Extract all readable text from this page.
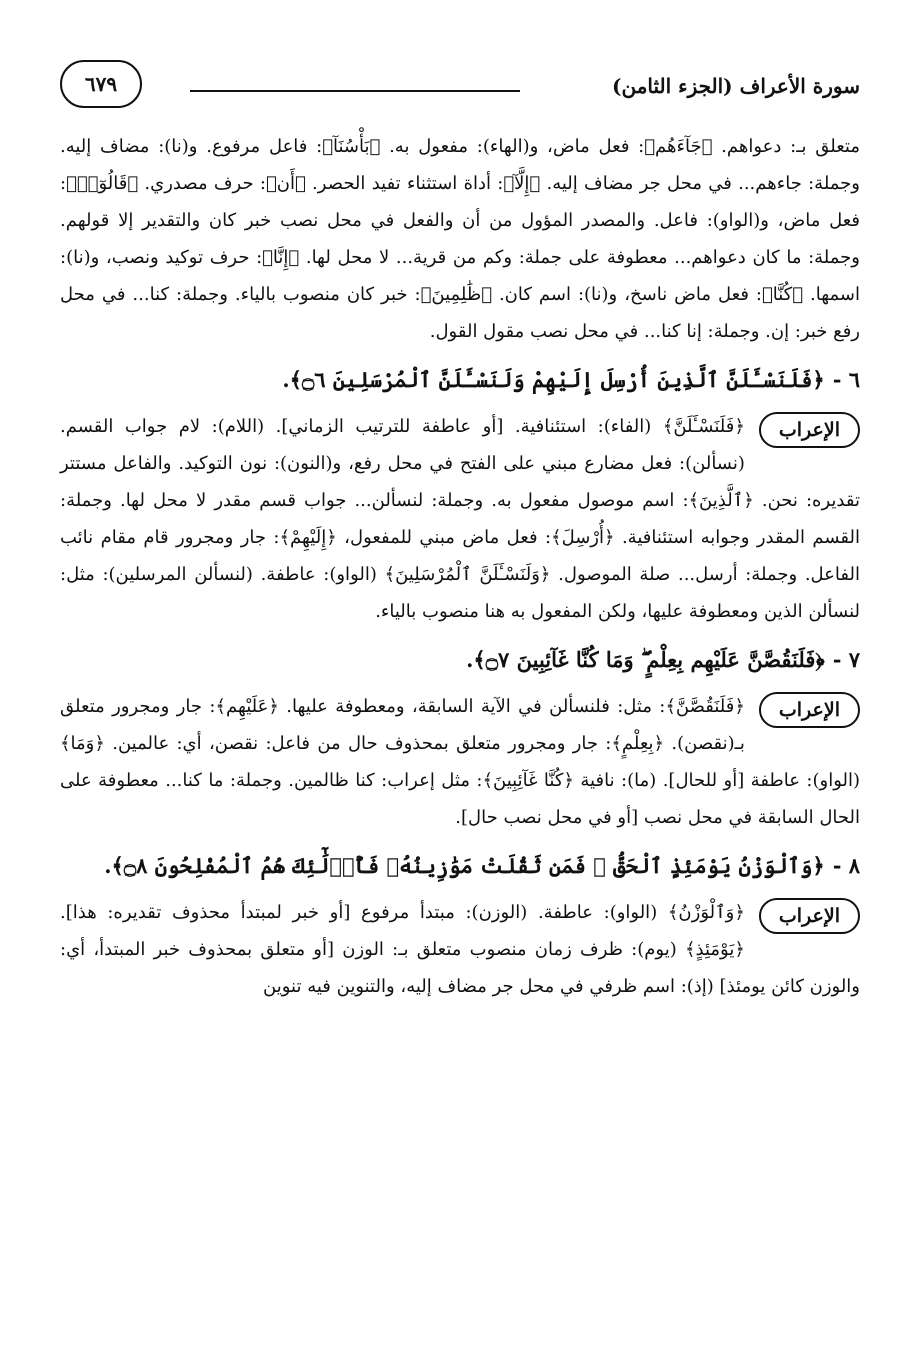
سورة الأعراف (الجزء الثامن)
٦٧٩

متعلق بـ: دعواهم. ﴿جَآءَهُم﴾: فعل ماض، و(الهاء): مفعول به. ﴿بَأْسُنَآ﴾: فاعل مرفوع. و(نا): مضاف إليه. وجملة: جاءهم... في محل جر مضاف إليه. ﴿إِلَّآ﴾: أداة استثناء تفيد الحصر. ﴿أَن﴾: حرف مصدري. ﴿قَالُوٓا۟﴾: فعل ماض، و(الواو): فاعل. والمصدر المؤول من أن والفعل في محل نصب خبر كان والتقدير إلا قولهم. وجملة: ما كان دعواهم... معطوفة على جملة: وكم من قرية... لا محل لها. ﴿إِنَّا﴾: حرف توكيد ونصب، و(نا): اسمها. ﴿كُنَّا﴾: فعل ماض ناسخ، و(نا): اسم كان. ﴿ظَٰلِمِينَ﴾: خبر كان منصوب بالياء. وجملة: كنا... في محل رفع خبر: إن. وجملة: إنا كنا... في محل نصب مقول القول.

٦ -﴿فَلَنَسْـَٔلَنَّ ٱلَّذِينَ أُرْسِلَ إِلَيْهِمْ وَلَنَسْـَٔلَنَّ ٱلْمُرْسَلِينَ ۝٦﴾.
الإعراب
﴿فَلَنَسْـَٔلَنَّ﴾ (الفاء): استئنافية. [أو عاطفة للترتيب الزماني]. (اللام): لام جواب القسم. (نسألن): فعل مضارع مبني على الفتح في محل رفع، و(النون): نون التوكيد. والفاعل مستتر تقديره: نحن. ﴿ٱلَّذِينَ﴾: اسم موصول مفعول به. وجملة: لنسألن... جواب قسم مقدر لا محل لها. وجملة: القسم المقدر وجوابه استئنافية. ﴿أُرْسِلَ﴾: فعل ماض مبني للمفعول، ﴿إِلَيْهِمْ﴾: جار ومجرور قام مقام نائب الفاعل. وجملة: أرسل... صلة الموصول. ﴿وَلَنَسْـَٔلَنَّ ٱلْمُرْسَلِينَ﴾ (الواو): عاطفة. (لنسألن المرسلين): مثل: لنسألن الذين ومعطوفة عليها، ولكن المفعول به هنا منصوب بالياء.
٧ -﴿فَلَنَقُصَّنَّ عَلَيْهِم بِعِلْمٍ ۖ وَمَا كُنَّا غَآئِبِينَ ۝٧﴾.
الإعراب
﴿فَلَنَقُصَّنَّ﴾: مثل: فلنسألن في الآية السابقة، ومعطوفة عليها. ﴿عَلَيْهِم﴾: جار ومجرور متعلق بـ(نقصن). ﴿بِعِلْمٍ﴾: جار ومجرور متعلق بمحذوف حال من فاعل: نقصن، أي: عالمين. ﴿وَمَا﴾ (الواو): عاطفة [أو للحال]. (ما): نافية ﴿كُنَّا غَآئِبِينَ﴾: مثل إعراب: كنا ظالمين. وجملة: ما كنا... معطوفة على الحال السابقة في محل نصب [أو في محل نصب حال].
٨ -﴿وَٱلْوَزْنُ يَوْمَئِذٍ ٱلْحَقُّ ۚ فَمَن ثَقُلَتْ مَوَٰزِينُهُۥ فَأُو۟لَٰٓئِكَ هُمُ ٱلْمُفْلِحُونَ ۝٨﴾.
الإعراب
﴿وَٱلْوَزْنُ﴾ (الواو): عاطفة. (الوزن): مبتدأ مرفوع [أو خبر لمبتدأ محذوف تقديره: هذا]. ﴿يَوْمَئِذٍ﴾ (يوم): ظرف زمان منصوب متعلق بـ: الوزن [أو متعلق بمحذوف خبر المبتدأ، أي: والوزن كائن يومئذ] (إذ): اسم ظرفي في محل جر مضاف إليه، والتنوين فيه تنوين
